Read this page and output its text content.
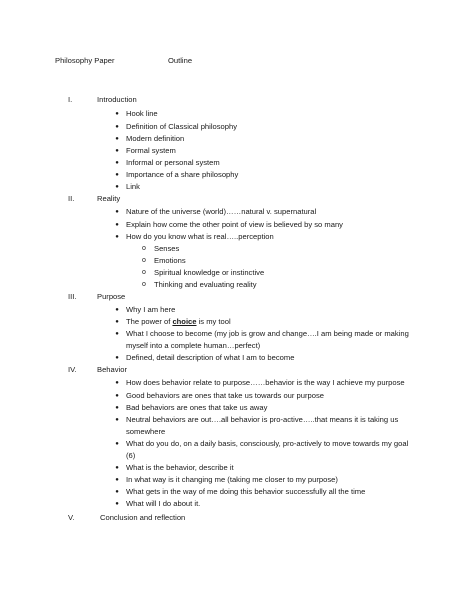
Philosophy Paper	Outline
I.	Introduction
● Hook line
● Definition of Classical philosophy
● Modern definition
● Formal system
● Informal or personal system
● Importance of a share philosophy
● Link
II.	Reality
● Nature of the universe (world)……natural v. supernatural
● Explain how come the other point of view is believed by so many
● How do you know what is real…..perception
o Senses
o Emotions
o Spiritual knowledge or instinctive
o Thinking and evaluating reality
III.	Purpose
● Why I am here
● The power of choice is my tool
● What I choose to become (my job is grow and change….I am being made or making
myself into a complete human…perfect)
● Defined, detail description of what I am to become
IV.	Behavior
● How does behavior relate to purpose……behavior is the way I achieve my purpose
● Good behaviors are ones that take us towards our purpose
● Bad behaviors are ones that take us away
● Neutral behaviors are out….all behavior is pro-active…..that means it is taking us
somewhere
● What do you do, on a daily basis, consciously, pro-actively to move towards my goal
(6)
● What is the behavior, describe it
● In what way is it changing me (taking me closer to my purpose)
● What gets in the way of me doing this behavior successfully all the time
● What will I do about it.
V.	Conclusion and reflection
